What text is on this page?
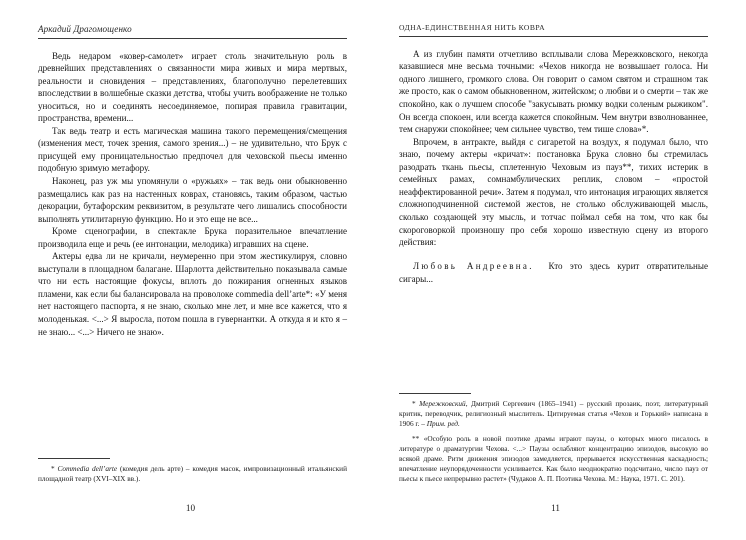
Аркадий Драгомощенко

Ведь недаром «ковер-самолет» играет столь значительную роль в древнейших представлениях о связанности мира живых и мира мертвых, реальности и сновидения – представлениях, благополучно перелетевших впоследствии в волшебные сказки детства, чтобы учить воображение не только уноситься, но и соединять несоединяемое, попирая правила гравитации, пространства, времени...

Так ведь театр и есть магическая машина такого перемещения/смещения (изменения мест, точек зрения, самого зрения...) – не удивительно, что Брук с присущей ему проницательностью предпочел для чеховской пьесы именно подобную зримую метафору.

Наконец, раз уж мы упомянули о «ружьях» – так ведь они обыкновенно размещались как раз на настенных коврах, становясь, таким образом, частью декорации, бутафорским реквизитом, в результате чего лишались способности выполнять утилитарную функцию. Но и это еще не все...

Кроме сценографии, в спектакле Брука поразительное впечатление производила еще и речь (ее интонации, мелодика) игравших на сцене.

Актеры едва ли не кричали, неумеренно при этом жестикулируя, словно выступали в площадном балагане. Шарлотта действительно показывала самые что ни есть настоящие фокусы, вплоть до пожирания огненных языков пламени, как если бы балансировала на проволоке commedia dell’arte*: «У меня нет настоящего паспорта, я не знаю, сколько мне лет, и мне все кажется, что я молоденькая. <...> Я выросла, потом пошла в гувернантки. А откуда я и кто я – не знаю... <...> Ничего не знаю».

* Commedia dell’arte (комедия дель арте) – комедия масок, импровизационный итальянский площадной театр (XVI–XIX вв.).

10
ОДНА-ЕДИНСТВЕННАЯ НИТЬ КОВРА

А из глубин памяти отчетливо всплывали слова Мережковского, некогда казавшиеся мне весьма точными: «Чехов никогда не возвышает голоса. Ни одного лишнего, громкого слова. Он говорит о самом святом и страшном так же просто, как о самом обыкновенном, житейском; о любви и о смерти – так же спокойно, как о лучшем способе "закусывать рюмку водки соленым рыжиком". Он всегда спокоен, или всегда кажется спокойным. Чем внутри взволнованнее, тем снаружи спокойнее; чем сильнее чувство, тем тише слова»*.

Впрочем, в антракте, выйдя с сигаретой на воздух, я подумал было, что знаю, почему актеры «кричат»: постановка Брука словно бы стремилась разодрать ткань пьесы, сплетенную Чеховым из пауз**, тихих истерик в семейных рамах, сомнамбулических реплик, словом – «простой неаффектированной речи». Затем я подумал, что интонация играющих является сложноподчиненной системой жестов, не столько обслуживающей мысль, сколько создающей эту мысль, и тотчас поймал себя на том, что как бы скороговоркой произношу про себя хорошо известную сцену из второго действия:

Любовь Андреевна. Кто это здесь курит отвратительные сигары...

* Мережковский, Дмитрий Сергеевич (1865–1941) – русский прозаик, поэт, литературный критик, переводчик, религиозный мыслитель. Цитируемая статья «Чехов и Горький» написана в 1906 г. – Прим. ред.

** «Особую роль в новой поэтике драмы играют паузы, о которых много писалось в литературе о драматургии Чехова. <...> Паузы ослабляют концентрацию эпизодов, высокую во всякой драме. Ритм движения эпизодов замедляется, прерывается искусственная каскадность; впечатление неупорядоченности усиливается. Как было неоднократно подсчитано, число пауз от пьесы к пьесе непрерывно растет» (Чудаков А. П. Поэтика Чехова. М.: Наука, 1971. С. 201).

11
